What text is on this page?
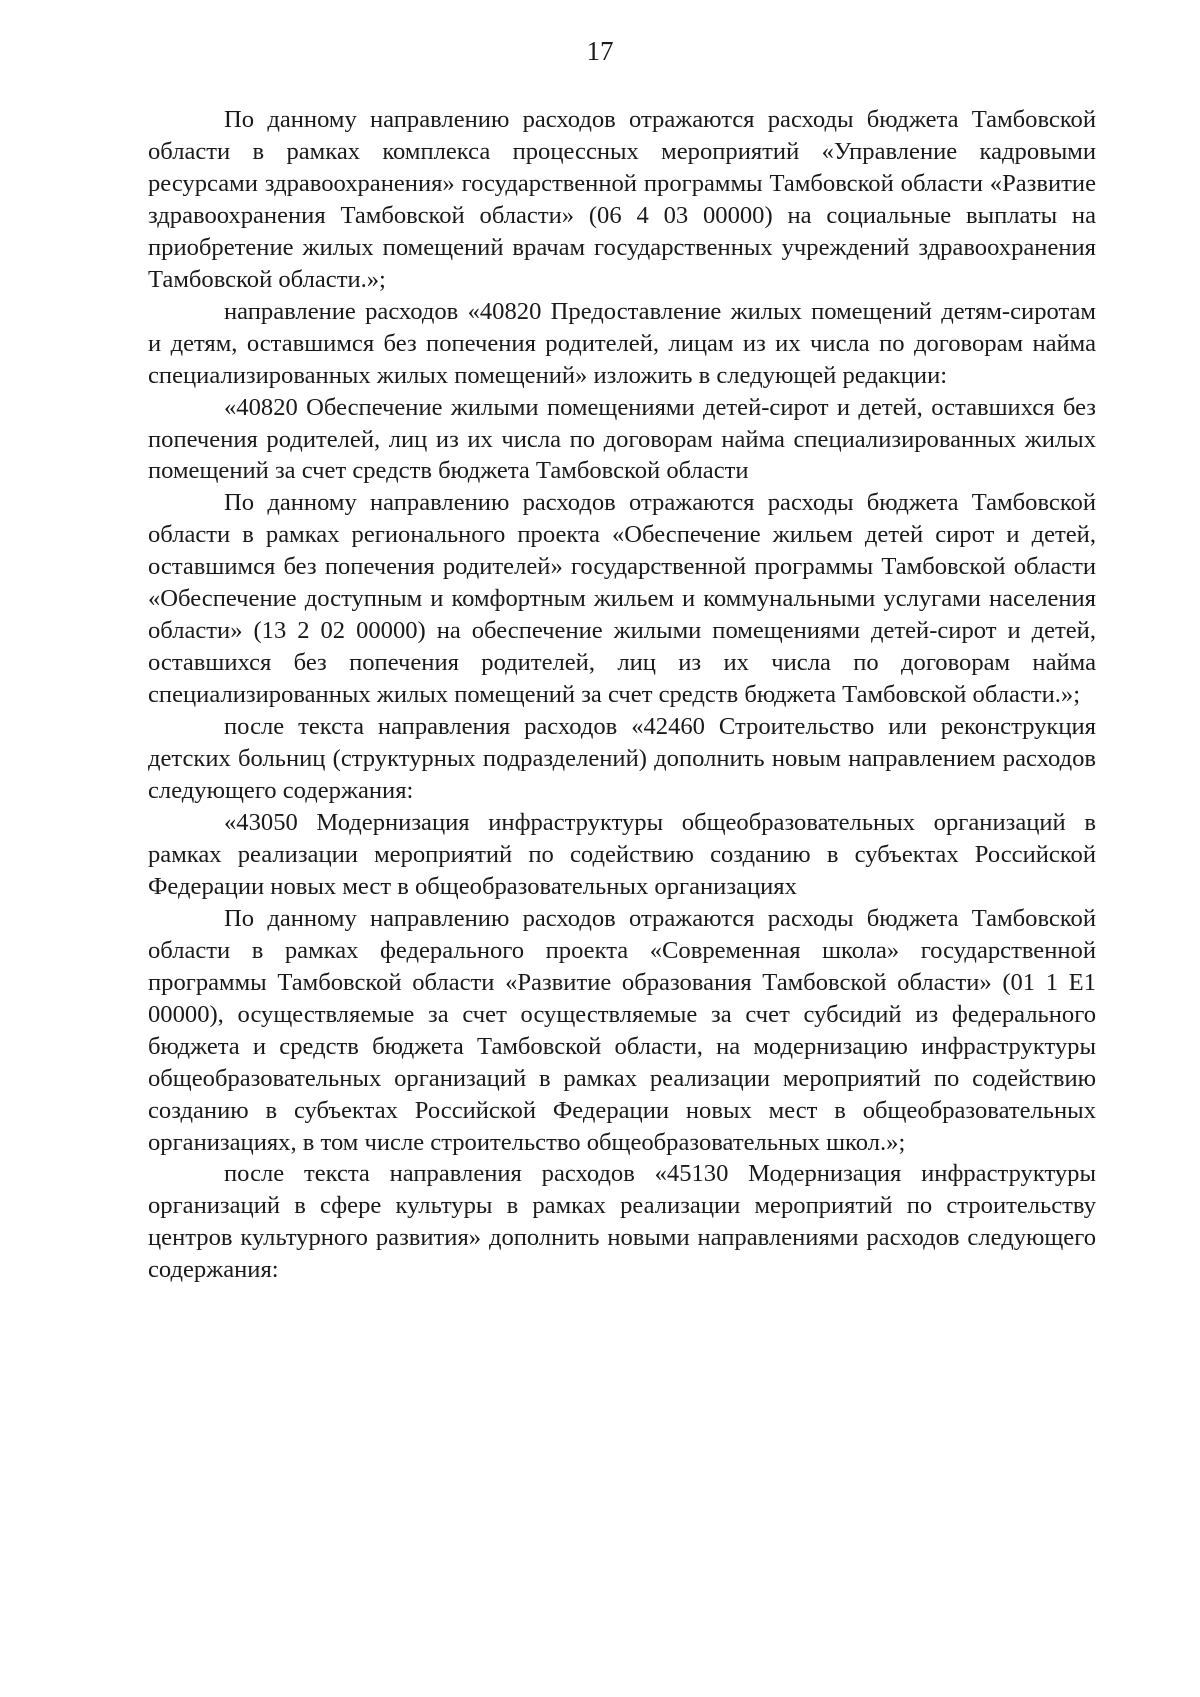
17

По данному направлению расходов отражаются расходы бюджета Тамбовской области в рамках комплекса процессных мероприятий «Управление кадровыми ресурсами здравоохранения» государственной программы Тамбовской области «Развитие здравоохранения Тамбовской области» (06 4 03 00000) на социальные выплаты на приобретение жилых помещений врачам государственных учреждений здравоохранения Тамбовской области.»;

направление расходов «40820 Предоставление жилых помещений детям-сиротам и детям, оставшимся без попечения родителей, лицам из их числа по договорам найма специализированных жилых помещений» изложить в следующей редакции:

«40820 Обеспечение жилыми помещениями детей-сирот и детей, оставшихся без попечения родителей, лиц из их числа по договорам найма специализированных жилых помещений за счет средств бюджета Тамбовской области

По данному направлению расходов отражаются расходы бюджета Тамбовской области в рамках регионального проекта «Обеспечение жильем детей сирот и детей, оставшимся без попечения родителей» государственной программы Тамбовской области «Обеспечение доступным и комфортным жильем и коммунальными услугами населения области» (13 2 02 00000) на обеспечение жилыми помещениями детей-сирот и детей, оставшихся без попечения родителей, лиц из их числа по договорам найма специализированных жилых помещений за счет средств бюджета Тамбовской области.»;

после текста направления расходов «42460 Строительство или реконструкция детских больниц (структурных подразделений) дополнить новым направлением расходов следующего содержания:

«43050 Модернизация инфраструктуры общеобразовательных организаций в рамках реализации мероприятий по содействию созданию в субъектах Российской Федерации новых мест в общеобразовательных организациях

По данному направлению расходов отражаются расходы бюджета Тамбовской области в рамках федерального проекта «Современная школа» государственной программы Тамбовской области «Развитие образования Тамбовской области» (01 1 E1 00000), осуществляемые за счет осуществляемые за счет субсидий из федерального бюджета и средств бюджета Тамбовской области, на модернизацию инфраструктуры общеобразовательных организаций в рамках реализации мероприятий по содействию созданию в субъектах Российской Федерации новых мест в общеобразовательных организациях, в том числе строительство общеобразовательных школ.»;

после текста направления расходов «45130 Модернизация инфраструктуры организаций в сфере культуры в рамках реализации мероприятий по строительству центров культурного развития» дополнить новыми направлениями расходов следующего содержания:
